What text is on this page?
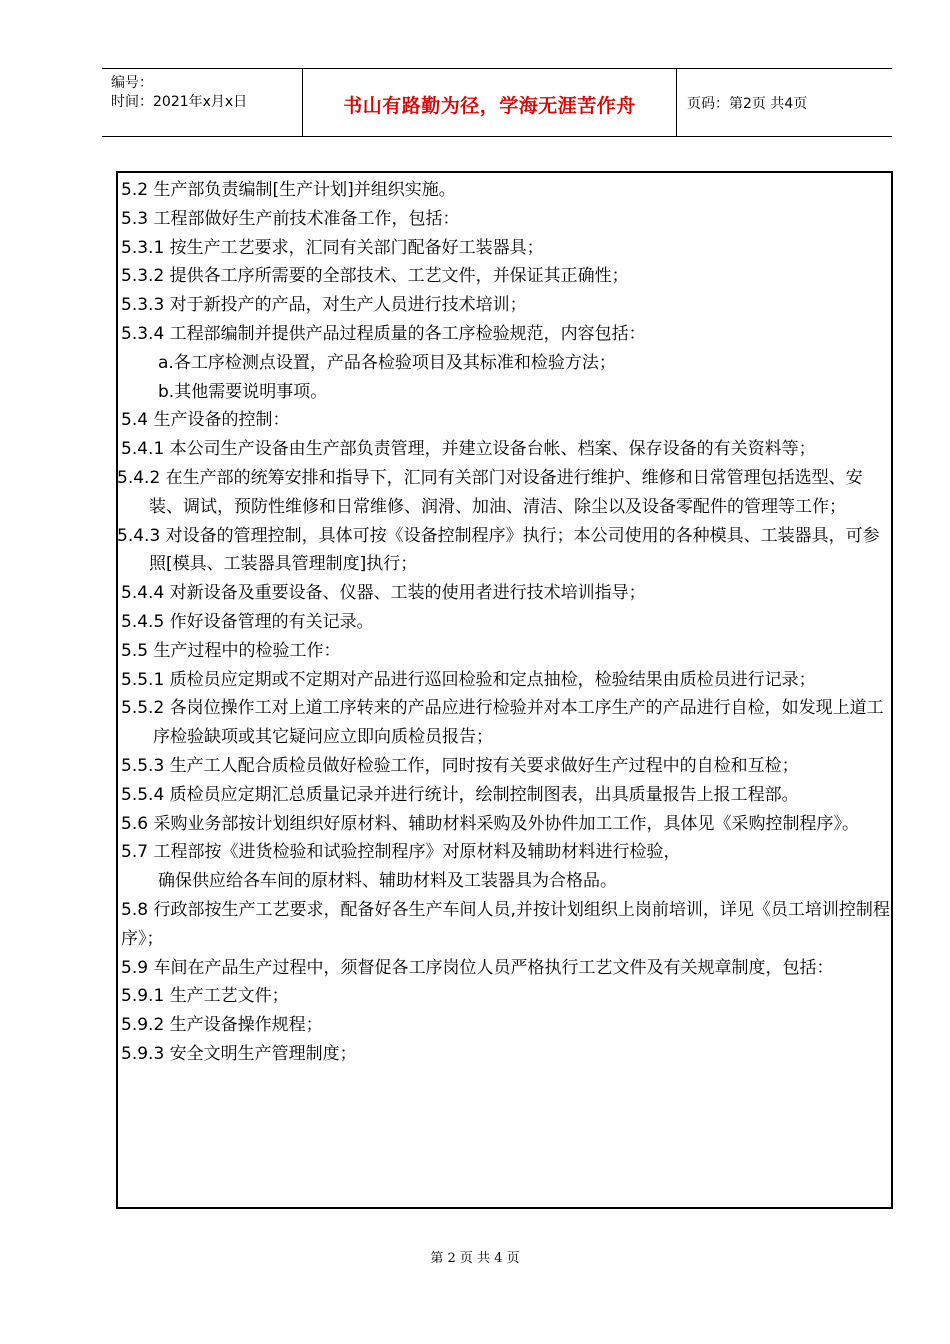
编号：
时间：2021年x月x日	书山有路勤为径，学海无涯苦作舟	页码：第2页 共4页
5.2 生产部负责编制[生产计划]并组织实施。
5.3 工程部做好生产前技术准备工作，包括：
5.3.1 按生产工艺要求，汇同有关部门配备好工装器具；
5.3.2 提供各工序所需要的全部技术、工艺文件，并保证其正确性；
5.3.3 对于新投产的产品，对生产人员进行技术培训；
5.3.4 工程部编制并提供产品过程质量的各工序检验规范，内容包括：
a.各工序检测点设置，产品各检验项目及其标准和检验方法；
b.其他需要说明事项。
5.4 生产设备的控制：
5.4.1 本公司生产设备由生产部负责管理，并建立设备台帐、档案、保存设备的有关资料等；
5.4.2 在生产部的统筹安排和指导下，汇同有关部门对设备进行维护、维修和日常管理包括选型、安装、调试，预防性维修和日常维修、润滑、加油、清洁、除尘以及设备零配件的管理等工作；
5.4.3 对设备的管理控制，具体可按《设备控制程序》执行；本公司使用的各种模具、工装器具，可参照[模具、工装器具管理制度]执行；
5.4.4 对新设备及重要设备、仪器、工装的使用者进行技术培训指导；
5.4.5 作好设备管理的有关记录。
5.5 生产过程中的检验工作：
5.5.1 质检员应定期或不定期对产品进行巡回检验和定点抽检，检验结果由质检员进行记录；
5.5.2 各岗位操作工对上道工序转来的产品应进行检验并对本工序生产的产品进行自检，如发现上道工序检验缺项或其它疑问应立即向质检员报告；
5.5.3 生产工人配合质检员做好检验工作，同时按有关要求做好生产过程中的自检和互检；
5.5.4 质检员应定期汇总质量记录并进行统计，绘制控制图表，出具质量报告上报工程部。
5.6 采购业务部按计划组织好原材料、辅助材料采购及外协件加工工作，具体见《采购控制程序》。
5.7 工程部按《进货检验和试验控制程序》对原材料及辅助材料进行检验，
确保供应给各车间的原材料、辅助材料及工装器具为合格品。
5.8 行政部按生产工艺要求，配备好各生产车间人员,并按计划组织上岗前培训，详见《员工培训控制程序》；
5.9 车间在产品生产过程中，须督促各工序岗位人员严格执行工艺文件及有关规章制度，包括：
5.9.1 生产工艺文件；
5.9.2 生产设备操作规程；
5.9.3 安全文明生产管理制度；
第 2 页 共 4 页
